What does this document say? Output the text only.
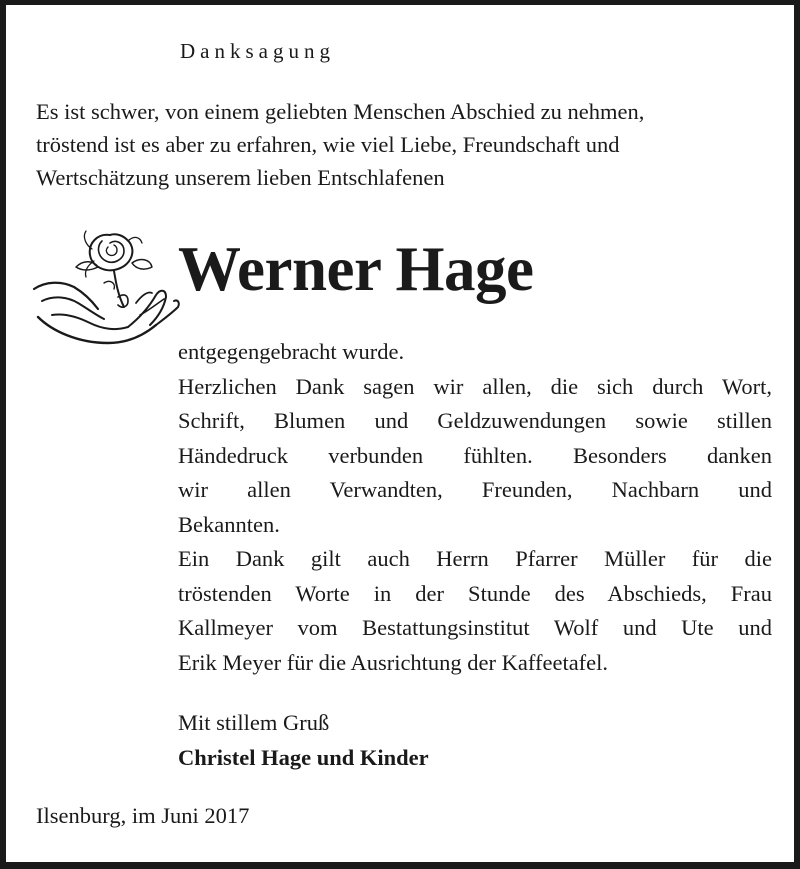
Danksagung
Es ist schwer, von einem geliebten Menschen Abschied zu nehmen,
tröstend ist es aber zu erfahren, wie viel Liebe, Freundschaft und
Wertschätzung unserem lieben Entschlafenen
Werner Hage
entgegengebracht wurde.
Herzlichen Dank sagen wir allen, die sich durch Wort,
Schrift, Blumen und Geldzuwendungen sowie stillen
Händedruck verbunden fühlten. Besonders danken
wir allen Verwandten, Freunden, Nachbarn und
Bekannten.
Ein Dank gilt auch Herrn Pfarrer Müller für die
tröstenden Worte in der Stunde des Abschieds, Frau
Kallmeyer vom Bestattungsinstitut Wolf und Ute und
Erik Meyer für die Ausrichtung der Kaffeetafel.
Mit stillem Gruß
Christel Hage und Kinder
Ilsenburg, im Juni 2017
